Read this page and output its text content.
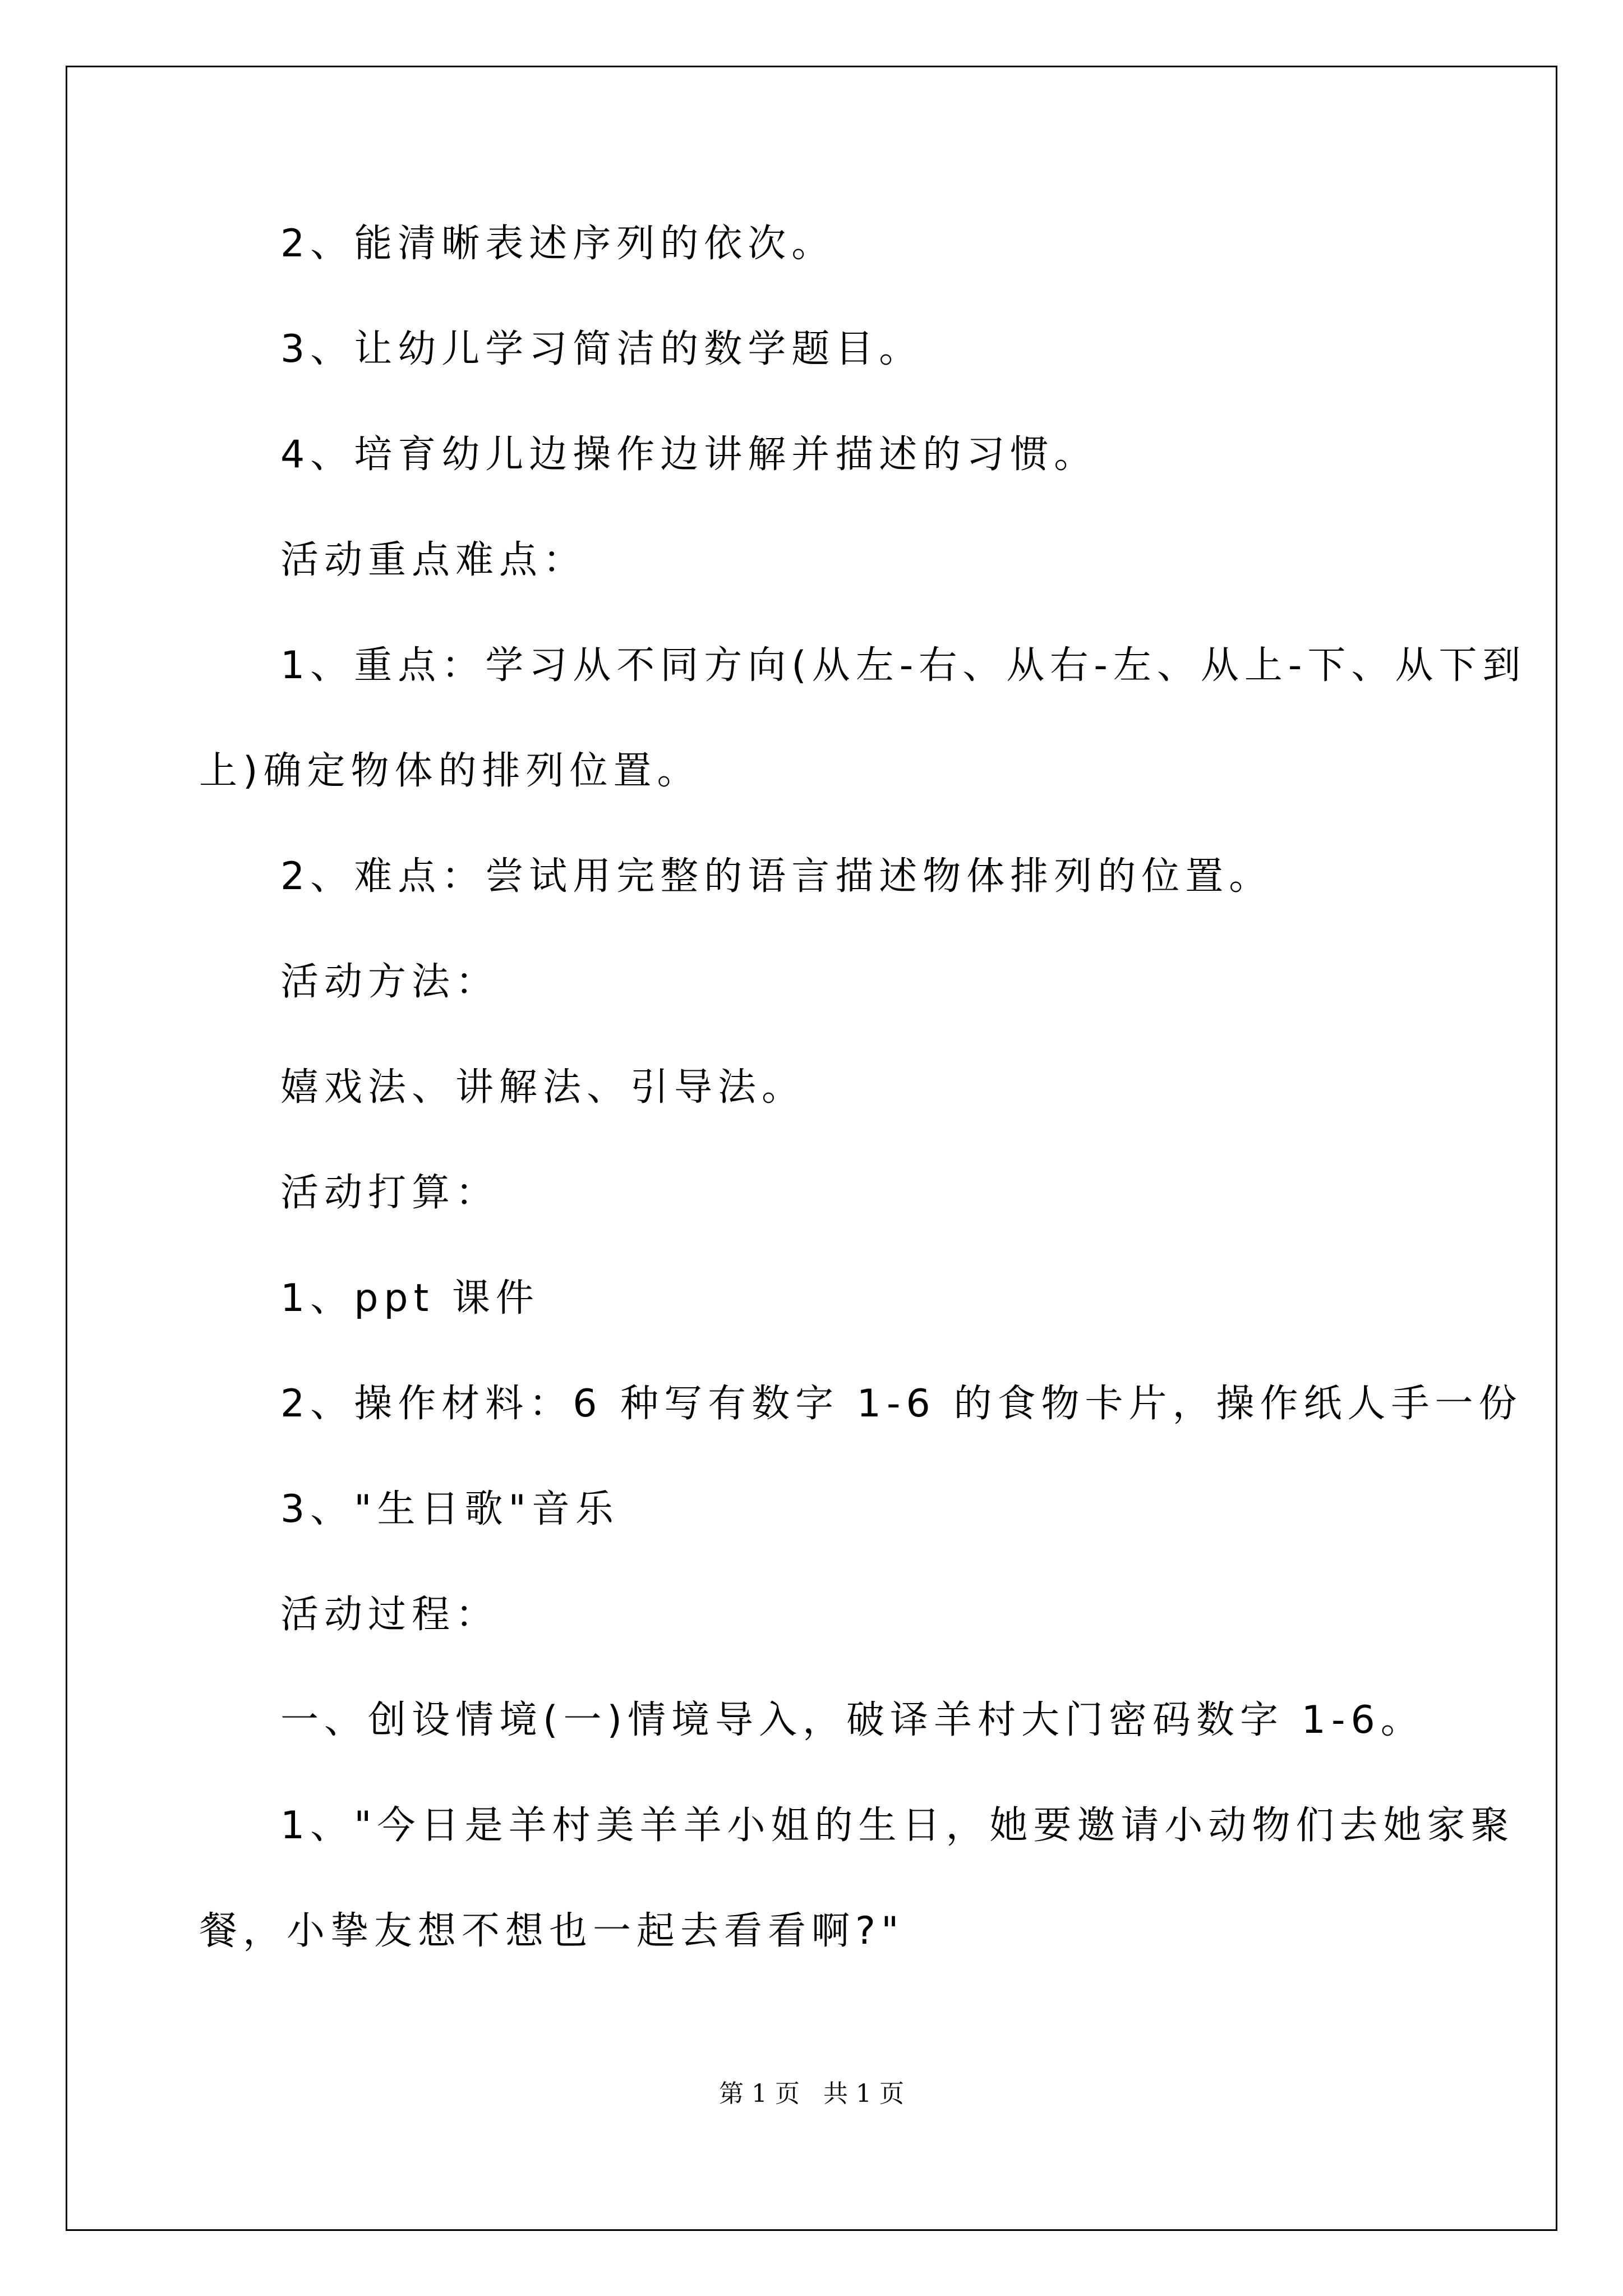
2、能清晰表述序列的依次。
3、让幼儿学习简洁的数学题目。
4、培育幼儿边操作边讲解并描述的习惯。
活动重点难点：
1、重点：学习从不同方向(从左-右、从右-左、从上-下、从下到
上)确定物体的排列位置。
2、难点：尝试用完整的语言描述物体排列的位置。
活动方法：
嬉戏法、讲解法、引导法。
活动打算：
1、ppt 课件
2、操作材料：6 种写有数字 1-6 的食物卡片，操作纸人手一份
3、"生日歌"音乐
活动过程：
一、创设情境(一)情境导入，破译羊村大门密码数字 1-6。
1、"今日是羊村美羊羊小姐的生日，她要邀请小动物们去她家聚
餐，小挚友想不想也一起去看看啊?"
第 1 页   共 1 页
